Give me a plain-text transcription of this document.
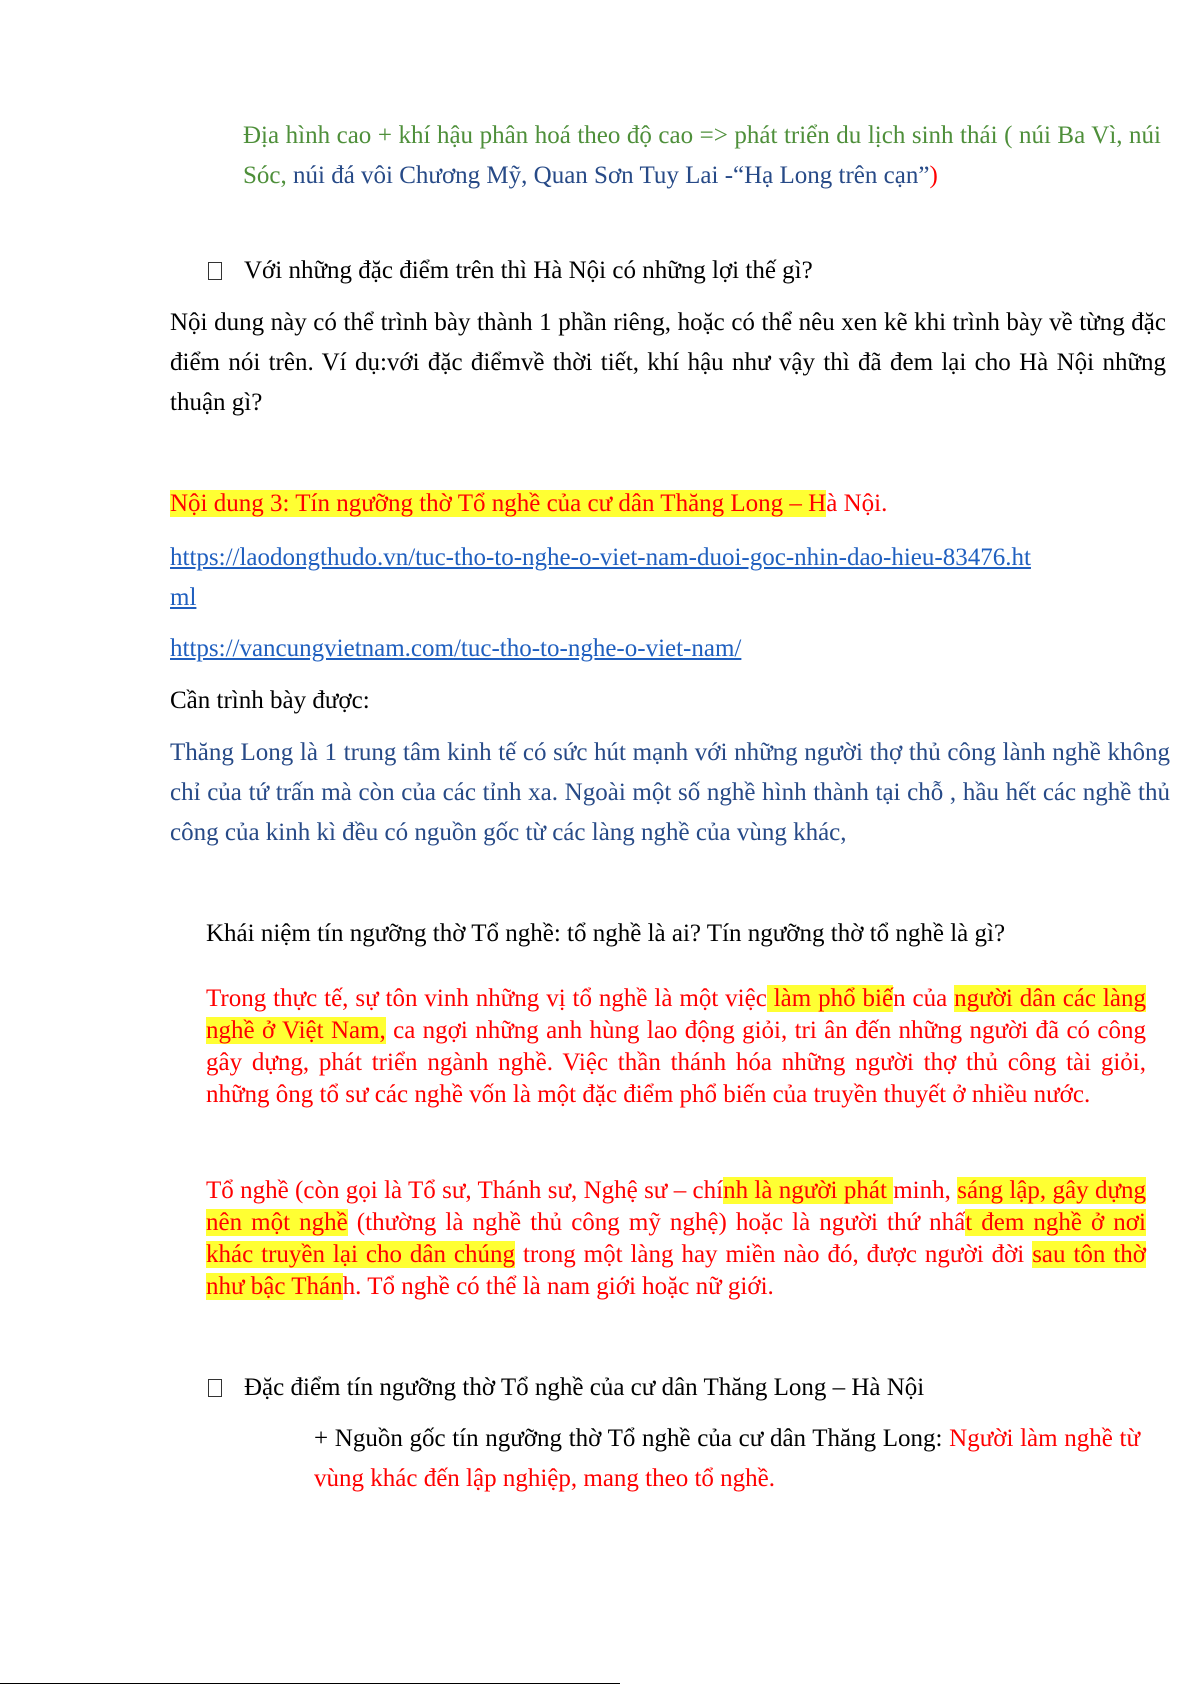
Địa hình cao + khí hậu phân hoá theo độ cao => phát triển du lịch sinh thái ( núi Ba Vì, núi Sóc, núi đá vôi Chương Mỹ, Quan Sơn Tuy Lai -“Hạ Long trên cạn”)

Với những đặc điểm trên thì Hà Nội có những lợi thế gì?

Nội dung này có thể trình bày thành 1 phần riêng, hoặc có thể nêu xen kẽ khi trình bày về từng đặc điểm nói trên. Ví dụ:với đặc điểmvề thời tiết, khí hậu như vậy thì đã đem lại cho Hà Nội những thuận gì?

Nội dung 3: Tín ngưỡng thờ Tổ nghề của cư dân Thăng Long – Hà Nội.

https://laodongthudo.vn/tuc-tho-to-nghe-o-viet-nam-duoi-goc-nhin-dao-hieu-83476.html

https://vancungvietnam.com/tuc-tho-to-nghe-o-viet-nam/

Cần trình bày được:

Thăng Long là 1 trung tâm kinh tế có sức hút mạnh với những người thợ thủ công lành nghề không chỉ của tứ trấn mà còn của các tỉnh xa. Ngoài một số nghề hình thành tại chỗ , hầu hết các nghề thủ công của kinh kì đều có nguồn gốc từ các làng nghề của vùng khác,

Khái niệm tín ngưỡng thờ Tổ nghề: tổ nghề là ai? Tín ngưỡng thờ tổ nghề là gì?

Trong thực tế, sự tôn vinh những vị tổ nghề là một việc làm phổ biến của người dân các làng nghề ở Việt Nam, ca ngợi những anh hùng lao động giỏi, tri ân đến những người đã có công gây dựng, phát triển ngành nghề. Việc thần thánh hóa những người thợ thủ công tài giỏi, những ông tổ sư các nghề vốn là một đặc điểm phổ biến của truyền thuyết ở nhiều nước.

Tổ nghề (còn gọi là Tổ sư, Thánh sư, Nghệ sư – chính là người phát minh, sáng lập, gây dựng nên một nghề (thường là nghề thủ công mỹ nghệ) hoặc là người thứ nhất đem nghề ở nơi khác truyền lại cho dân chúng trong một làng hay miền nào đó, được người đời sau tôn thờ như bậc Thánh. Tổ nghề có thể là nam giới hoặc nữ giới.

Đặc điểm tín ngưỡng thờ Tổ nghề của cư dân Thăng Long – Hà Nội

+ Nguồn gốc tín ngưỡng thờ Tổ nghề của cư dân Thăng Long: Người làm nghề từ vùng khác đến lập nghiệp, mang theo tổ nghề.
